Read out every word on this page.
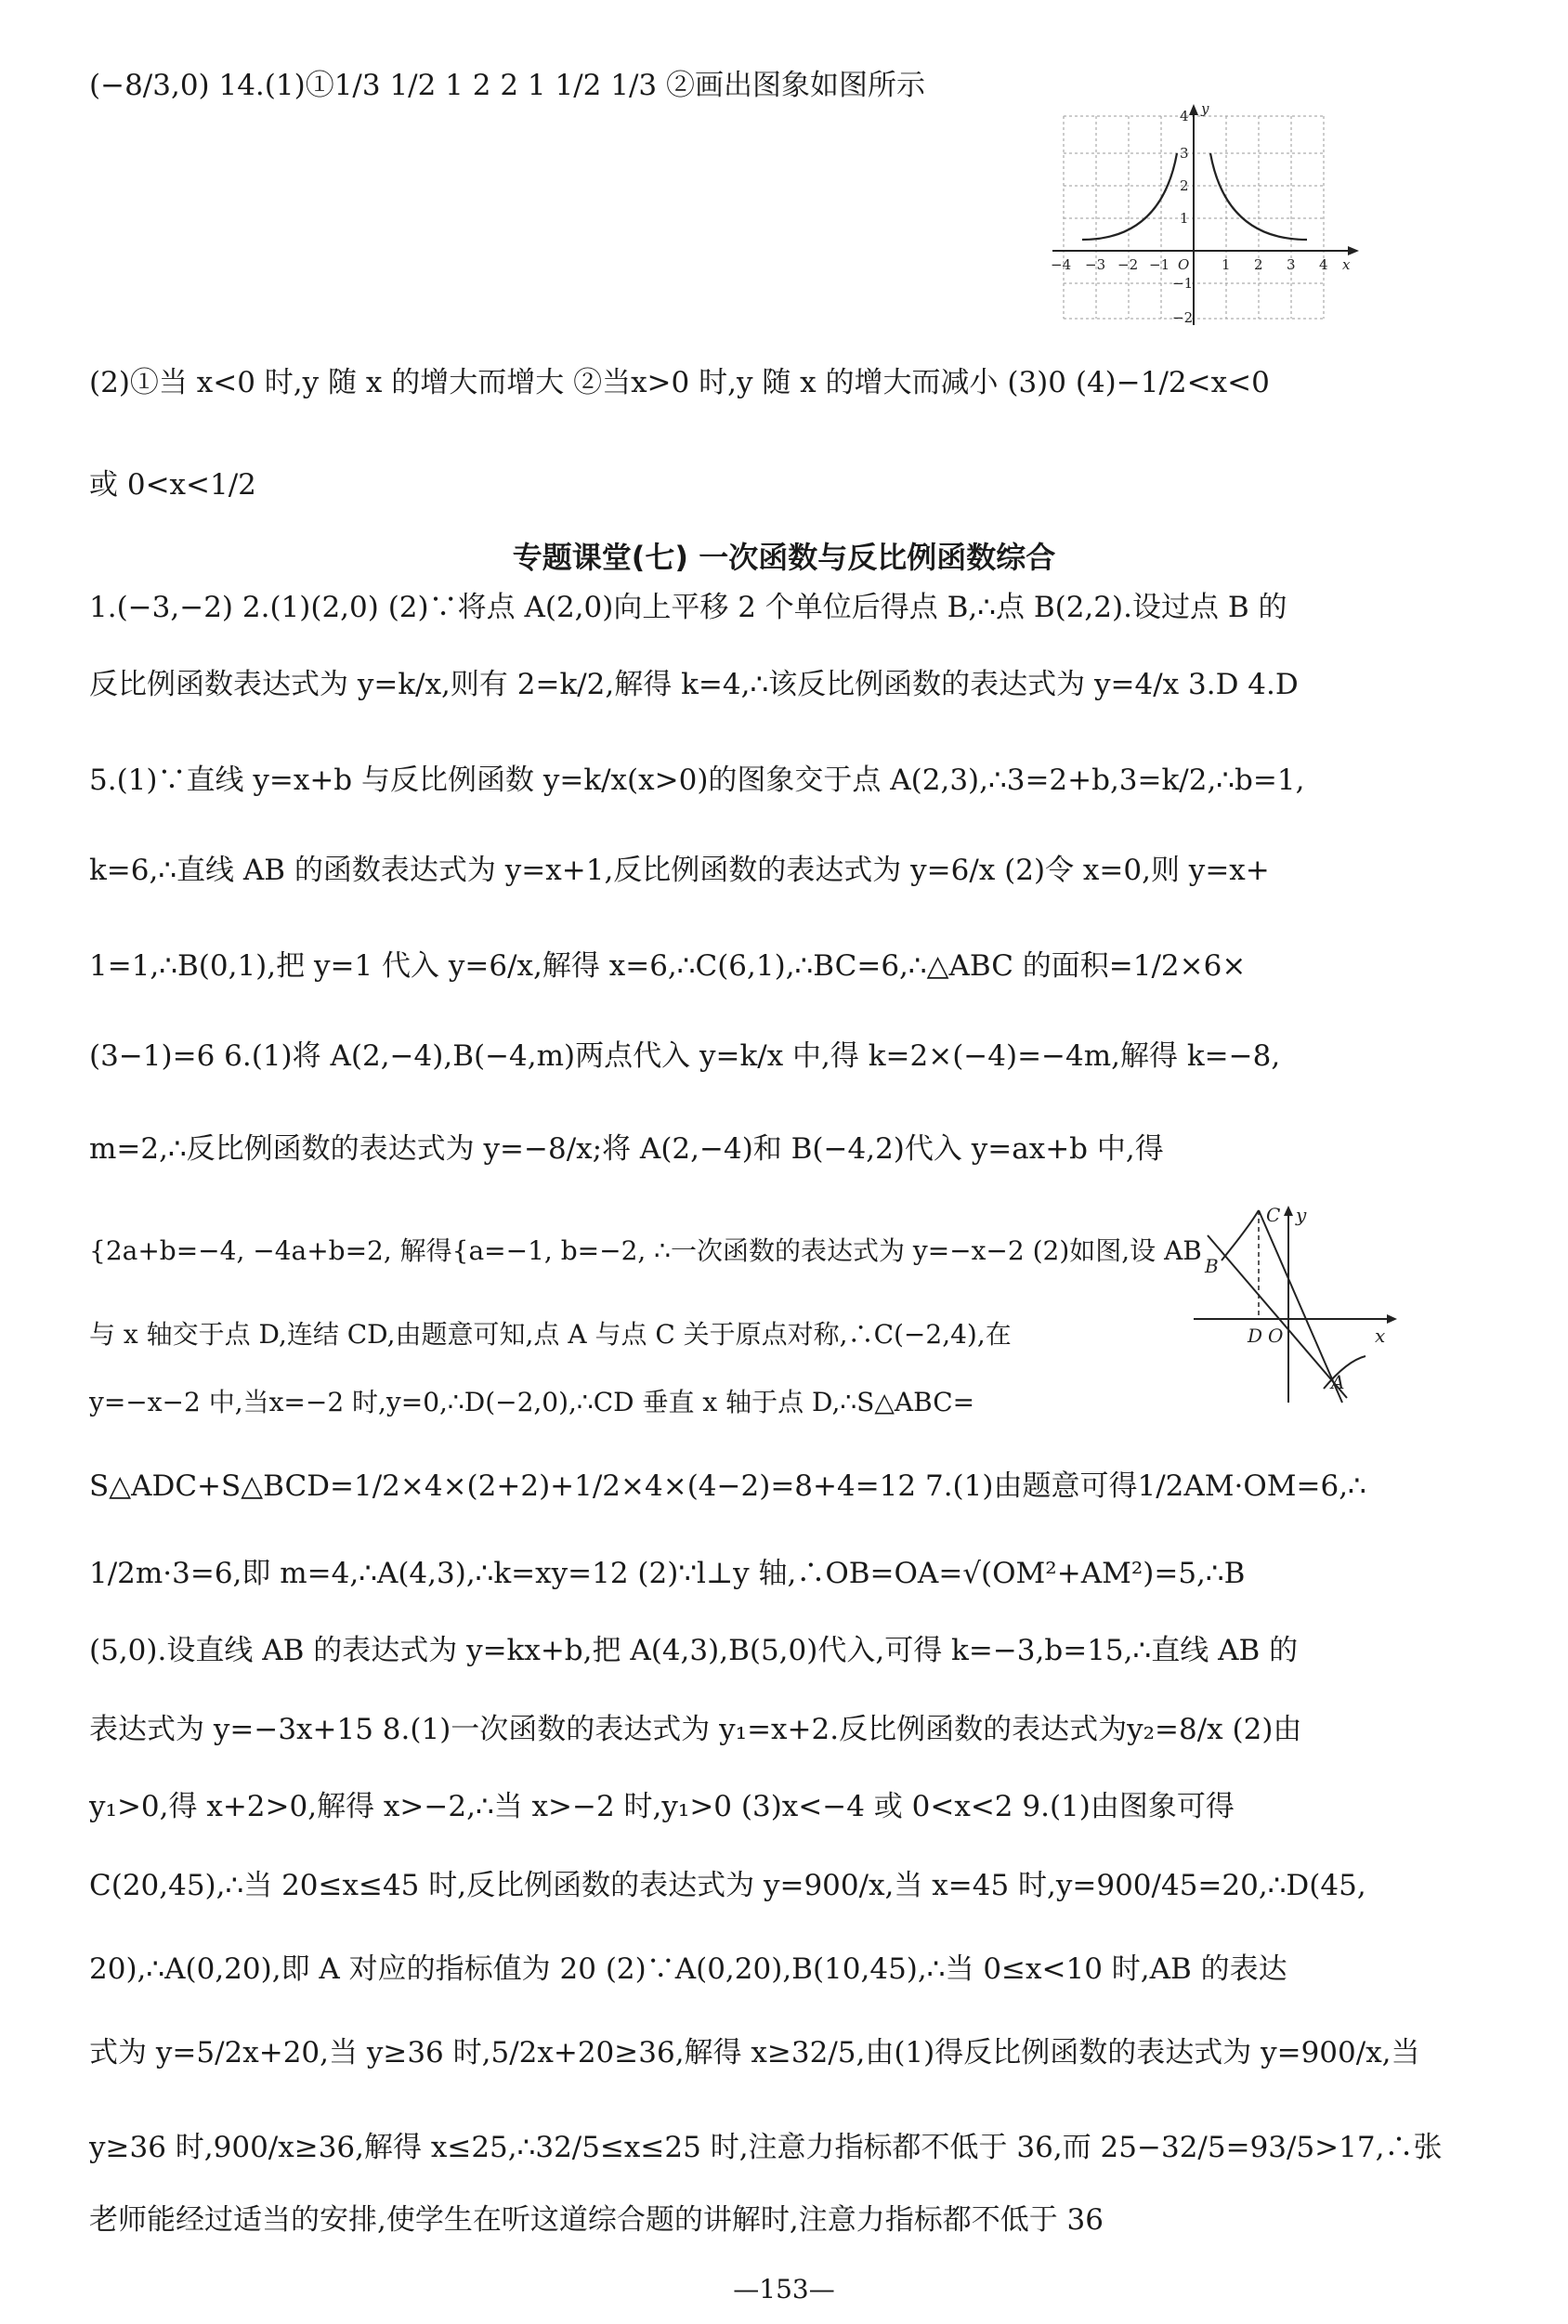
(−8/3,0) 14.(1)①1/3 1/2 1 2 2 1 1/2 1/3 ②画出图象如图所示
−4 −3 −2 −1 O 1 2 3 4 x
4
3
2
1
−1
−2
y
(2)①当 x<0 时,y 随 x 的增大而增大 ②当x>0 时,y 随 x 的增大而减小 (3)0 (4)−1/2<x<0
或 0<x<1/2
专题课堂(七) 一次函数与反比例函数综合
1.(−3,−2) 2.(1)(2,0) (2)∵将点 A(2,0)向上平移 2 个单位后得点 B,∴点 B(2,2).设过点 B 的
反比例函数表达式为 y=k/x,则有 2=k/2,解得 k=4,∴该反比例函数的表达式为 y=4/x 3.D 4.D
5.(1)∵直线 y=x+b 与反比例函数 y=k/x(x>0)的图象交于点 A(2,3),∴3=2+b,3=k/2,∴b=1,
k=6,∴直线 AB 的函数表达式为 y=x+1,反比例函数的表达式为 y=6/x (2)令 x=0,则 y=x+
1=1,∴B(0,1),把 y=1 代入 y=6/x,解得 x=6,∴C(6,1),∴BC=6,∴△ABC 的面积=1/2×6×
(3−1)=6 6.(1)将 A(2,−4),B(−4,m)两点代入 y=k/x 中,得 k=2×(−4)=−4m,解得 k=−8,
m=2,∴反比例函数的表达式为 y=−8/x;将 A(2,−4)和 B(−4,2)代入 y=ax+b 中,得
{2a+b=−4, −4a+b=2, 解得{a=−1, b=−2, ∴一次函数的表达式为 y=−x−2 (2)如图,设 AB
与 x 轴交于点 D,连结 CD,由题意可知,点 A 与点 C 关于原点对称,∴C(−2,4),在
y=−x−2 中,当x=−2 时,y=0,∴D(−2,0),∴CD 垂直 x 轴于点 D,∴S△ABC=
C y
B
D O	x
A
S△ADC+S△BCD=1/2×4×(2+2)+1/2×4×(4−2)=8+4=12 7.(1)由题意可得1/2AM·OM=6,∴
1/2m·3=6,即 m=4,∴A(4,3),∴k=xy=12 (2)∵l⊥y 轴,∴OB=OA=√(OM²+AM²)=5,∴B
(5,0).设直线 AB 的表达式为 y=kx+b,把 A(4,3),B(5,0)代入,可得 k=−3,b=15,∴直线 AB 的
表达式为 y=−3x+15 8.(1)一次函数的表达式为 y₁=x+2.反比例函数的表达式为y₂=8/x (2)由
y₁>0,得 x+2>0,解得 x>−2,∴当 x>−2 时,y₁>0 (3)x<−4 或 0<x<2 9.(1)由图象可得
C(20,45),∴当 20≤x≤45 时,反比例函数的表达式为 y=900/x,当 x=45 时,y=900/45=20,∴D(45,
20),∴A(0,20),即 A 对应的指标值为 20 (2)∵A(0,20),B(10,45),∴当 0≤x<10 时,AB 的表达
式为 y=5/2x+20,当 y≥36 时,5/2x+20≥36,解得 x≥32/5,由(1)得反比例函数的表达式为 y=900/x,当
y≥36 时,900/x≥36,解得 x≤25,∴32/5≤x≤25 时,注意力指标都不低于 36,而 25−32/5=93/5>17,∴张
老师能经过适当的安排,使学生在听这道综合题的讲解时,注意力指标都不低于 36
—153—
